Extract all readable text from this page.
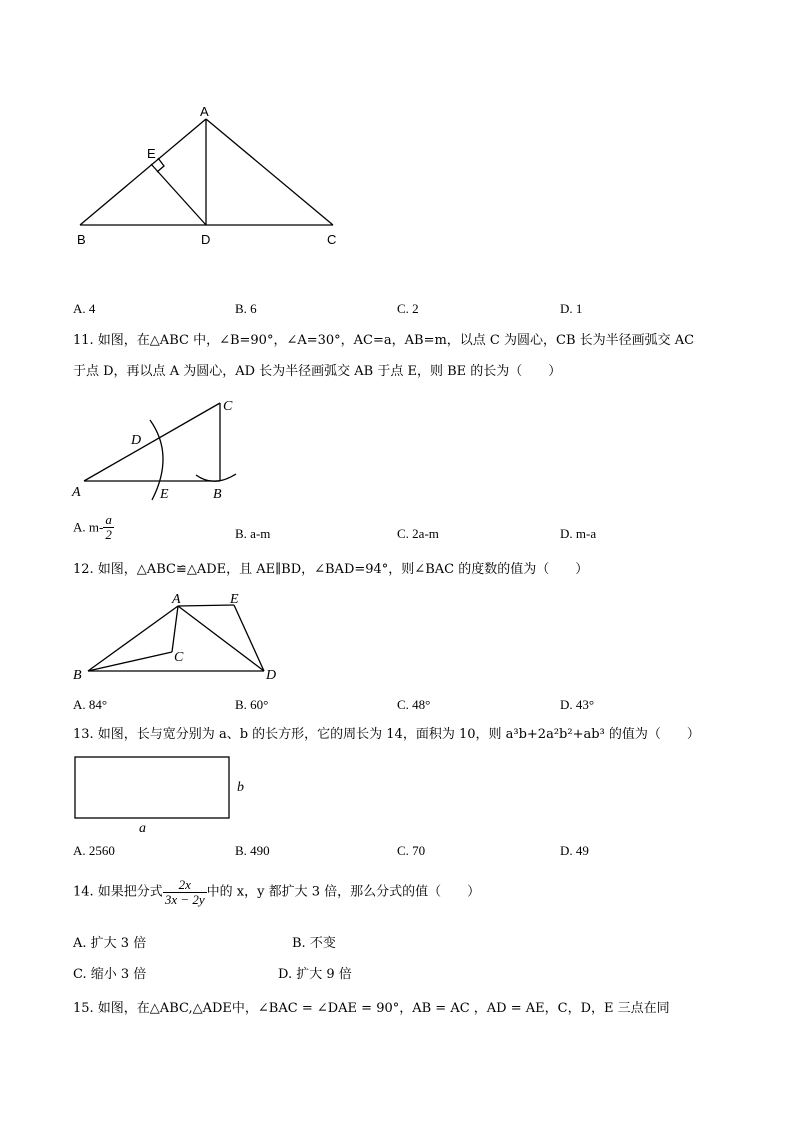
A
E
B	D	C
A. 4	B. 6	C. 2	D. 1
11. 如图，在△ABC 中，∠B=90°，∠A=30°，AC=a，AB=m，以点 C 为圆心，CB 长为半径画弧交 AC
于点 D，再以点 A 为圆心，AD 长为半径画弧交 AB 于点 E，则 BE 的长为（　　）
C
D
A	E	B
A. $m- \frac{a}{2}$	B. a-m	C. 2a-m	D. m-a
12. 如图，△ABC≌△ADE，且 AE∥BD，∠BAD=94°，则∠BAC 的度数的值为（　　）
A	E
C
B	D
A. 84°	B. 60°	C. 48°	D. 43°
13. 如图，长与宽分别为 a、b 的长方形，它的周长为 14，面积为 10，则 a³b+2a²b²+ab³ 的值为（　　）
a
b
A. 2560	B. 490	C. 70	D. 49
14. 如果把分式 $\frac{2x}{3x - 2y}$ 中的 x，y 都扩大 3 倍，那么分式的值（　　）
A. 扩大 3 倍	B. 不变
C. 缩小 3 倍	D. 扩大 9 倍
15. 如图，在△ABC,△ADE中，∠BAC = ∠DAE = 90°，AB = AC ，AD = AE，C，D，E 三点在同
